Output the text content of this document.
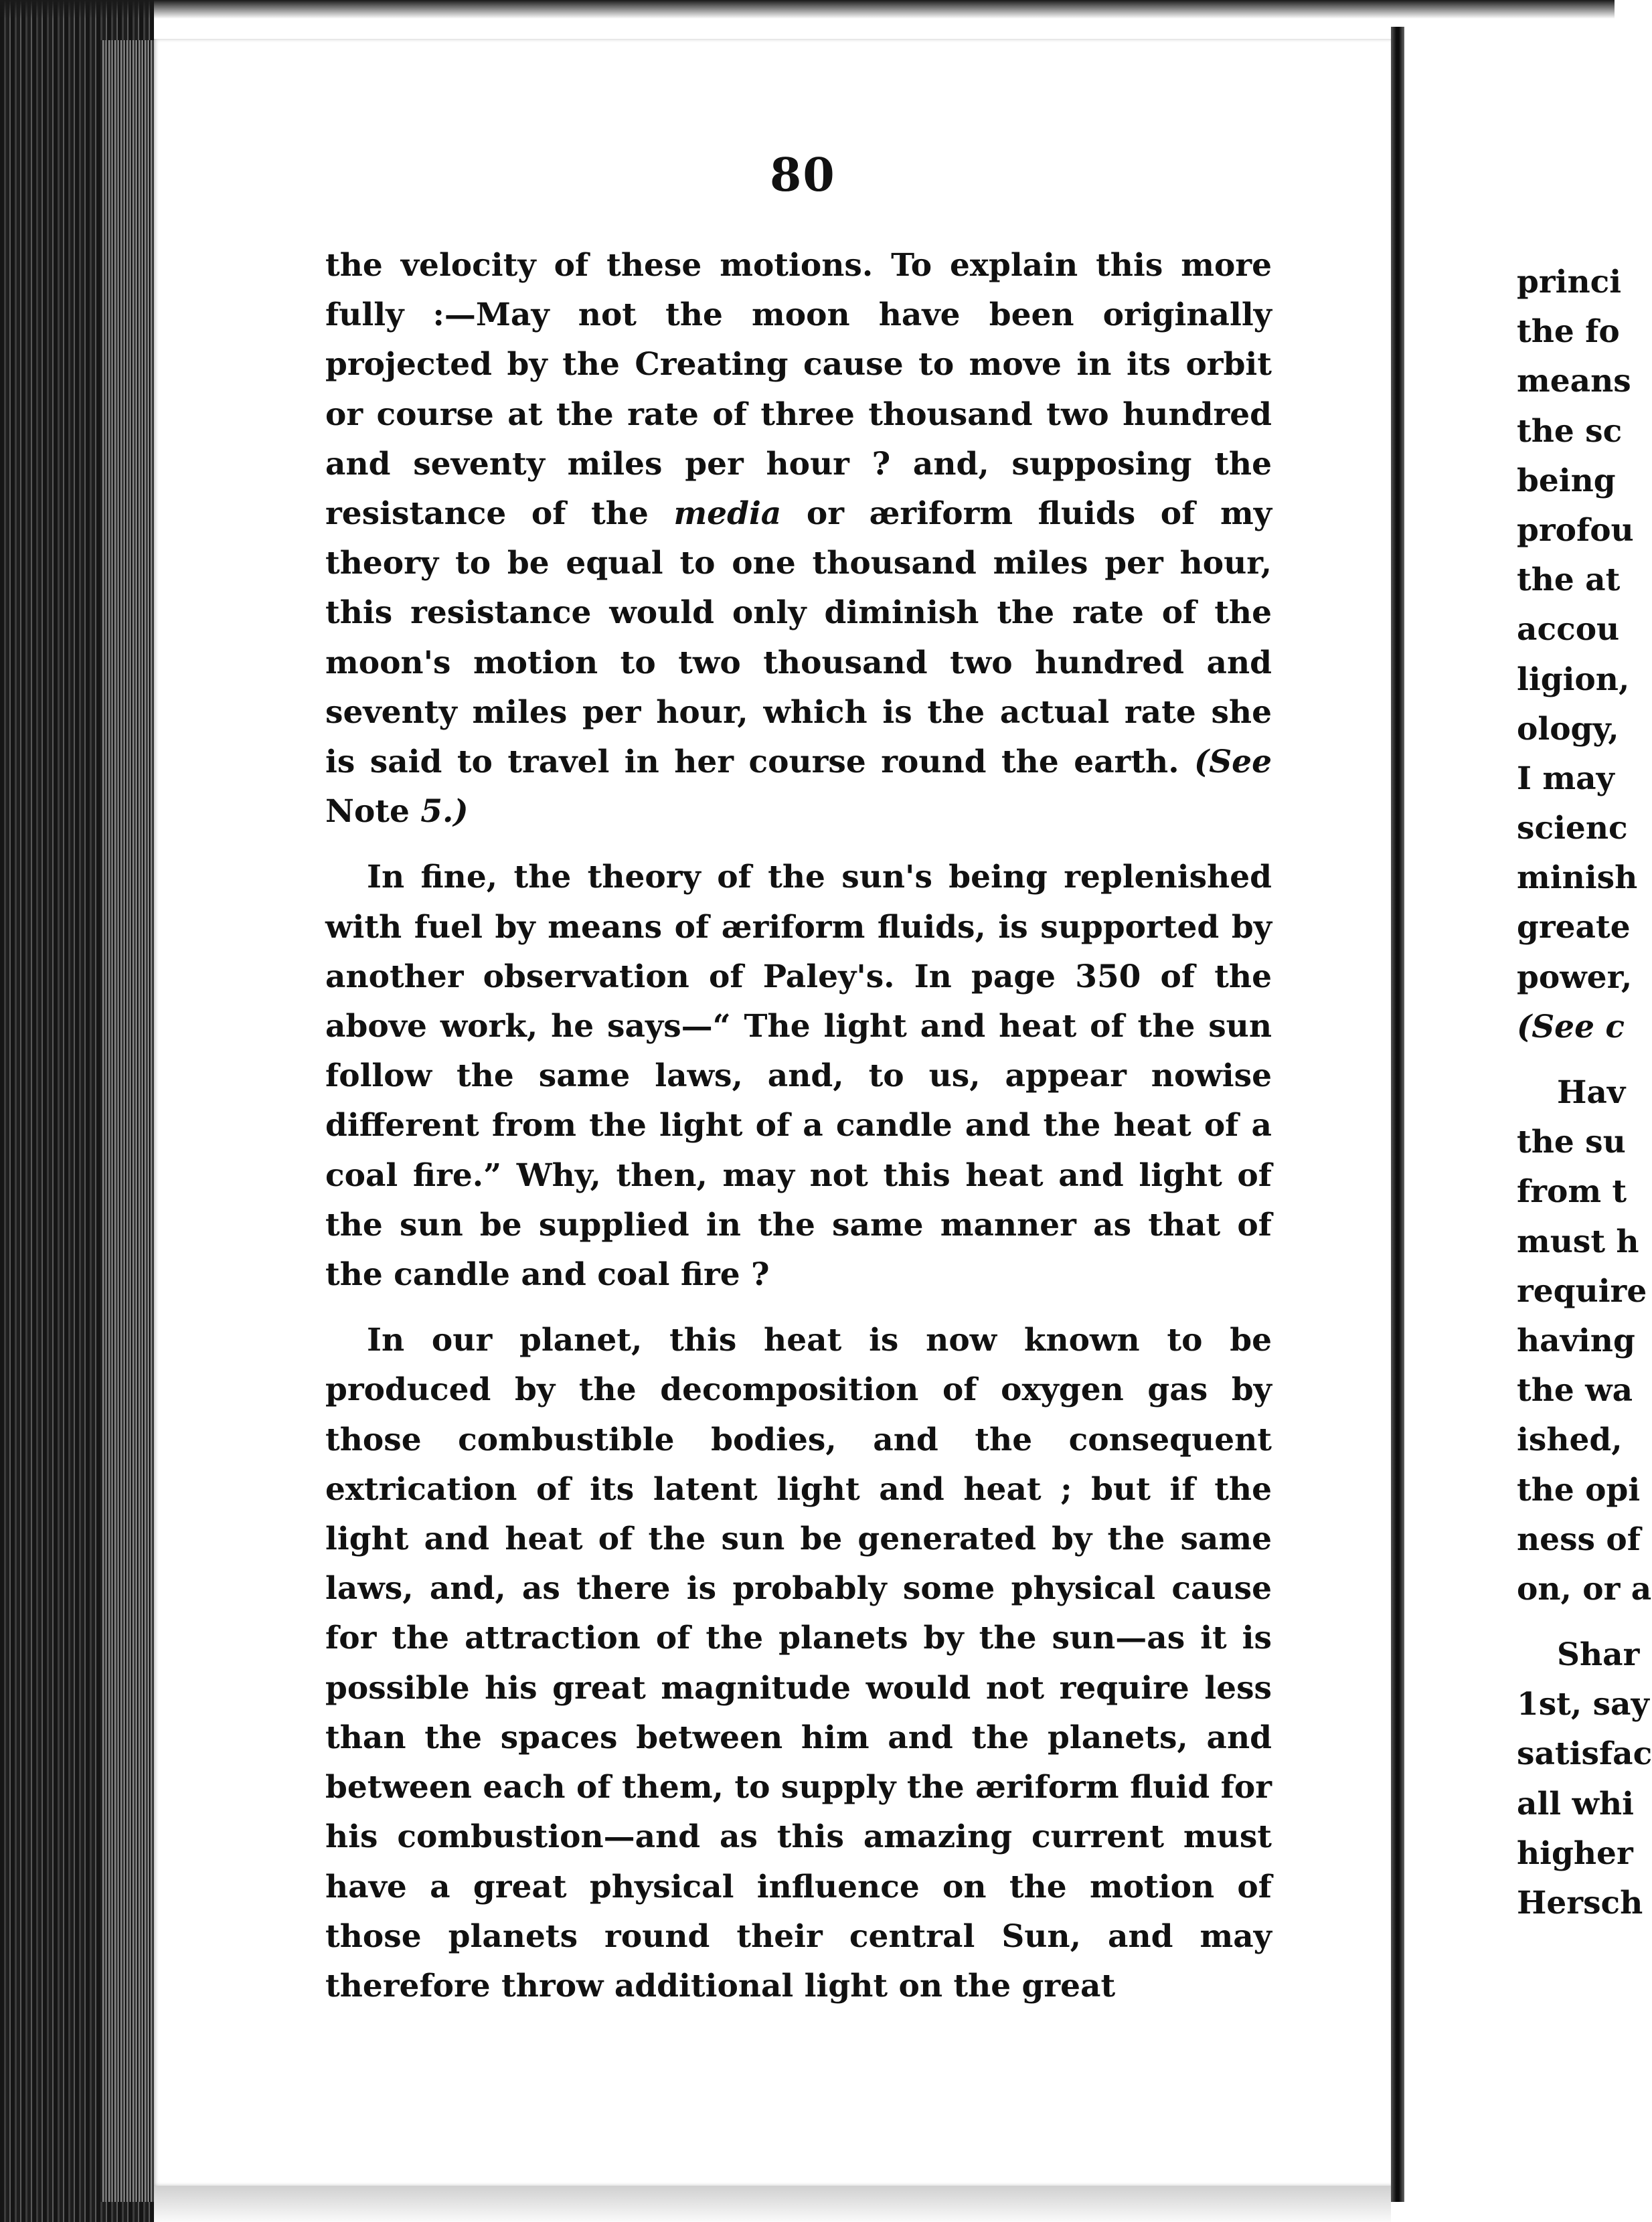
80

the velocity of these motions. To explain this more fully :—May not the moon have been originally projected by the Creating cause to move in its orbit or course at the rate of three thousand two hundred and seventy miles per hour ? and, supposing the resistance of the media or æriform fluids of my theory to be equal to one thousand miles per hour, this resistance would only diminish the rate of the moon's motion to two thousand two hundred and seventy miles per hour, which is the actual rate she is said to travel in her course round the earth. (See Note 5.)

In fine, the theory of the sun's being replenished with fuel by means of æriform fluids, is supported by another observation of Paley's. In page 350 of the above work, he says—“ The light and heat of the sun follow the same laws, and, to us, appear nowise different from the light of a candle and the heat of a coal fire.” Why, then, may not this heat and light of the sun be supplied in the same manner as that of the candle and coal fire ?

In our planet, this heat is now known to be produced by the decomposition of oxygen gas by those combustible bodies, and the consequent extrication of its latent light and heat ; but if the light and heat of the sun be generated by the same laws, and, as there is probably some physical cause for the attraction of the planets by the sun—as it is possible his great magnitude would not require less than the spaces between him and the planets, and between each of them, to supply the æriform fluid for his combustion—and as this amazing current must have a great physical influence on the motion of those planets round their central Sun, and may therefore throw additional light on the great

princi
the fo
means
the sc
being
profou
the at
accou
ligion,
ology,
I may
scienc
minish
greate
power,
(See c
Hav
the su
from t
must h
require
having
the wa
ished,
the opi
ness of
on, or a
Shar
1st, say
satisfac
all whi
higher
Hersch
